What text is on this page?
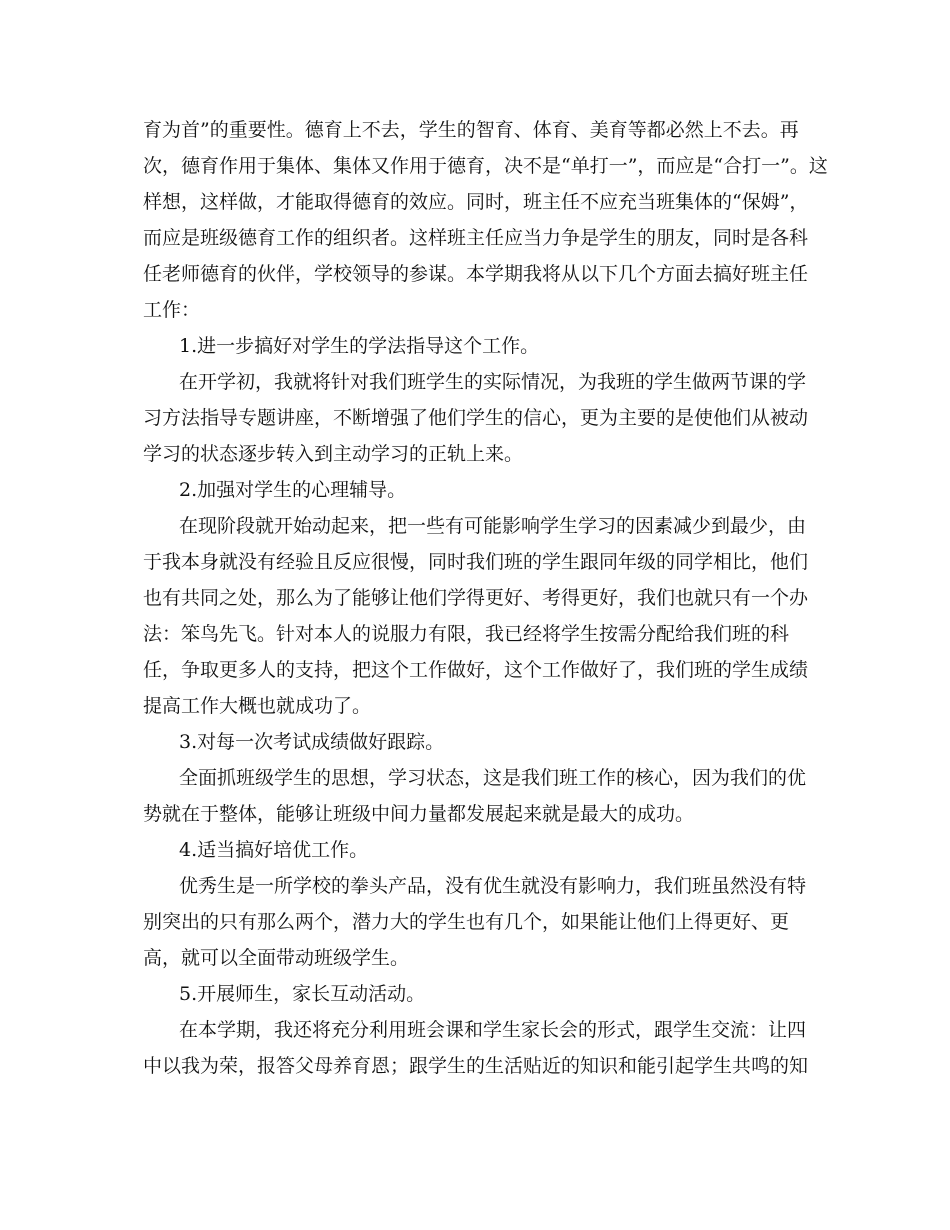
育为首”的重要性。德育上不去，学生的智育、体育、美育等都必然上不去。再
次，德育作用于集体、集体又作用于德育，决不是“单打一”，而应是“合打一”。这
样想，这样做，才能取得德育的效应。同时，班主任不应充当班集体的“保姆”，
而应是班级德育工作的组织者。这样班主任应当力争是学生的朋友，同时是各科
任老师德育的伙伴，学校领导的参谋。本学期我将从以下几个方面去搞好班主任
工作：
1.进一步搞好对学生的学法指导这个工作。
在开学初，我就将针对我们班学生的实际情况，为我班的学生做两节课的学
习方法指导专题讲座，不断增强了他们学生的信心，更为主要的是使他们从被动
学习的状态逐步转入到主动学习的正轨上来。
2.加强对学生的心理辅导。
在现阶段就开始动起来，把一些有可能影响学生学习的因素减少到最少，由
于我本身就没有经验且反应很慢，同时我们班的学生跟同年级的同学相比，他们
也有共同之处，那么为了能够让他们学得更好、考得更好，我们也就只有一个办
法：笨鸟先飞。针对本人的说服力有限，我已经将学生按需分配给我们班的科
任，争取更多人的支持，把这个工作做好，这个工作做好了，我们班的学生成绩
提高工作大概也就成功了。
3.对每一次考试成绩做好跟踪。
全面抓班级学生的思想，学习状态，这是我们班工作的核心，因为我们的优
势就在于整体，能够让班级中间力量都发展起来就是最大的成功。
4.适当搞好培优工作。
优秀生是一所学校的拳头产品，没有优生就没有影响力，我们班虽然没有特
别突出的只有那么两个，潜力大的学生也有几个，如果能让他们上得更好、更
高，就可以全面带动班级学生。
5.开展师生，家长互动活动。
在本学期，我还将充分利用班会课和学生家长会的形式，跟学生交流：让四
中以我为荣，报答父母养育恩；跟学生的生活贴近的知识和能引起学生共鸣的知
